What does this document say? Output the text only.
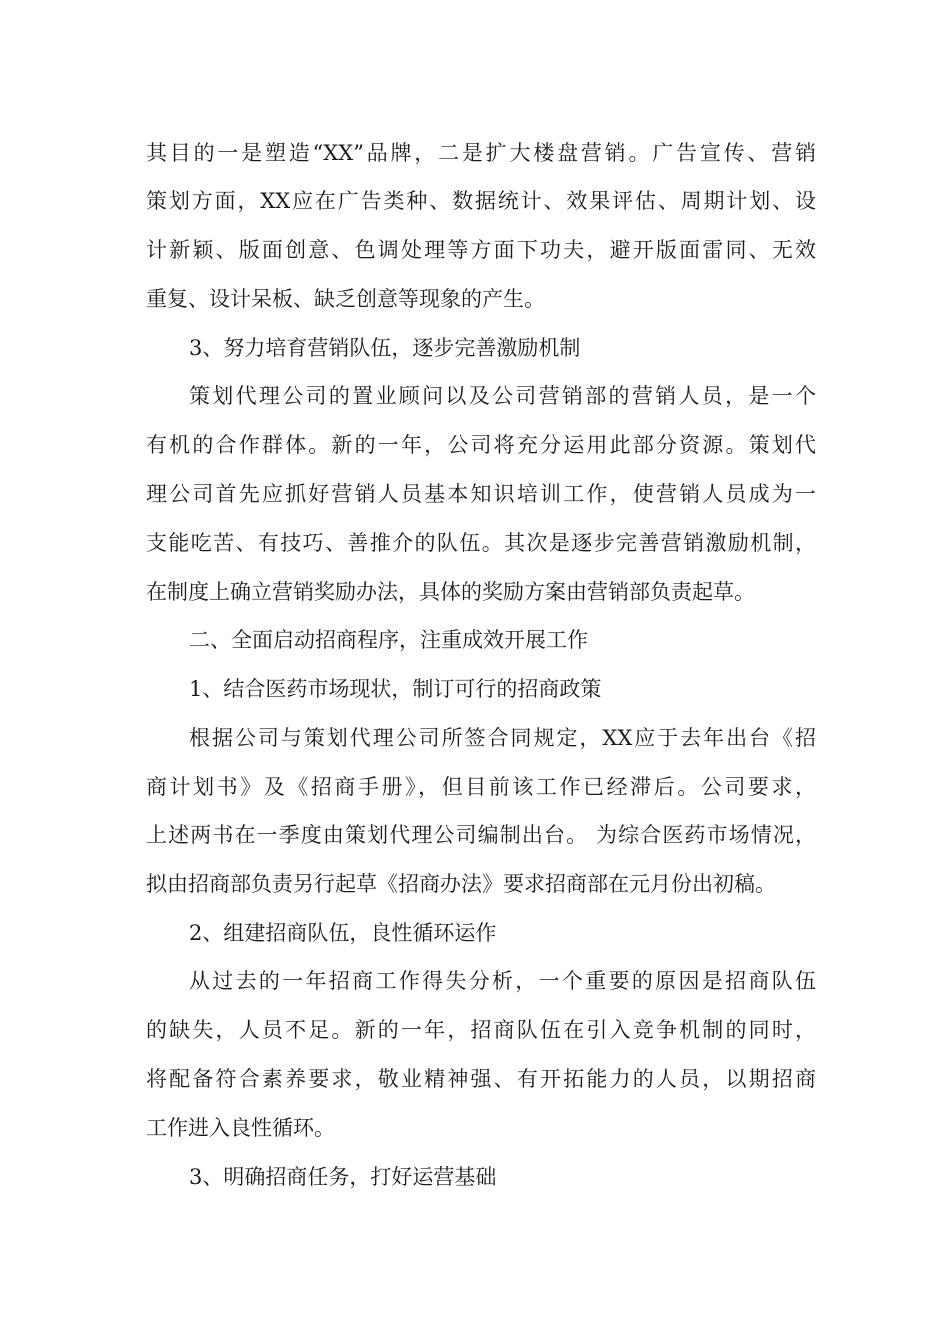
其目的一是塑造“XX”品牌，二是扩大楼盘营销。广告宣传、营销
策划方面，XX应在广告类种、数据统计、效果评估、周期计划、设
计新颖、版面创意、色调处理等方面下功夫，避开版面雷同、无效
重复、设计呆板、缺乏创意等现象的产生。
3、努力培育营销队伍，逐步完善激励机制
策划代理公司的置业顾问以及公司营销部的营销人员，是一个
有机的合作群体。新的一年，公司将充分运用此部分资源。策划代
理公司首先应抓好营销人员基本知识培训工作，使营销人员成为一
支能吃苦、有技巧、善推介的队伍。其次是逐步完善营销激励机制，
在制度上确立营销奖励办法，具体的奖励方案由营销部负责起草。
二、全面启动招商程序，注重成效开展工作
1、结合医药市场现状，制订可行的招商政策
根据公司与策划代理公司所签合同规定，XX应于去年出台《招
商计划书》及《招商手册》，但目前该工作已经滞后。公司要求，
上述两书在一季度由策划代理公司编制出台。 为综合医药市场情况，
拟由招商部负责另行起草《招商办法》要求招商部在元月份出初稿。
2、组建招商队伍，良性循环运作
从过去的一年招商工作得失分析，一个重要的原因是招商队伍
的缺失，人员不足。新的一年，招商队伍在引入竞争机制的同时，
将配备符合素养要求，敬业精神强、有开拓能力的人员，以期招商
工作进入良性循环。
3、明确招商任务，打好运营基础
